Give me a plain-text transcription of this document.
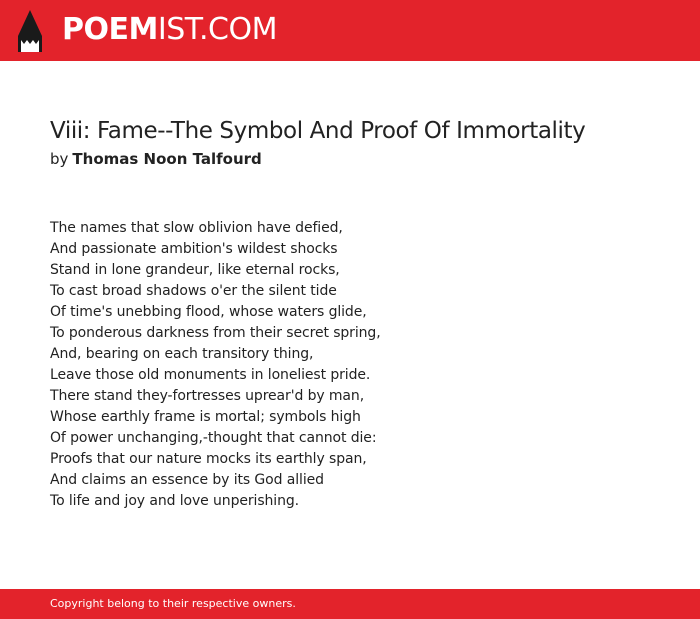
POEMIST.COM
Viii: Fame--The Symbol And Proof Of Immortality

by Thomas Noon Talfourd

The names that slow oblivion have defied,
And passionate ambition's wildest shocks
Stand in lone grandeur, like eternal rocks,
To cast broad shadows o'er the silent tide
Of time's unebbing flood, whose waters glide,
To ponderous darkness from their secret spring,
And, bearing on each transitory thing,
Leave those old monuments in loneliest pride.
There stand they-fortresses uprear'd by man,
Whose earthly frame is mortal; symbols high
Of power unchanging,-thought that cannot die:
Proofs that our nature mocks its earthly span,
And claims an essence by its God allied
To life and joy and love unperishing.
Copyright belong to their respective owners.
